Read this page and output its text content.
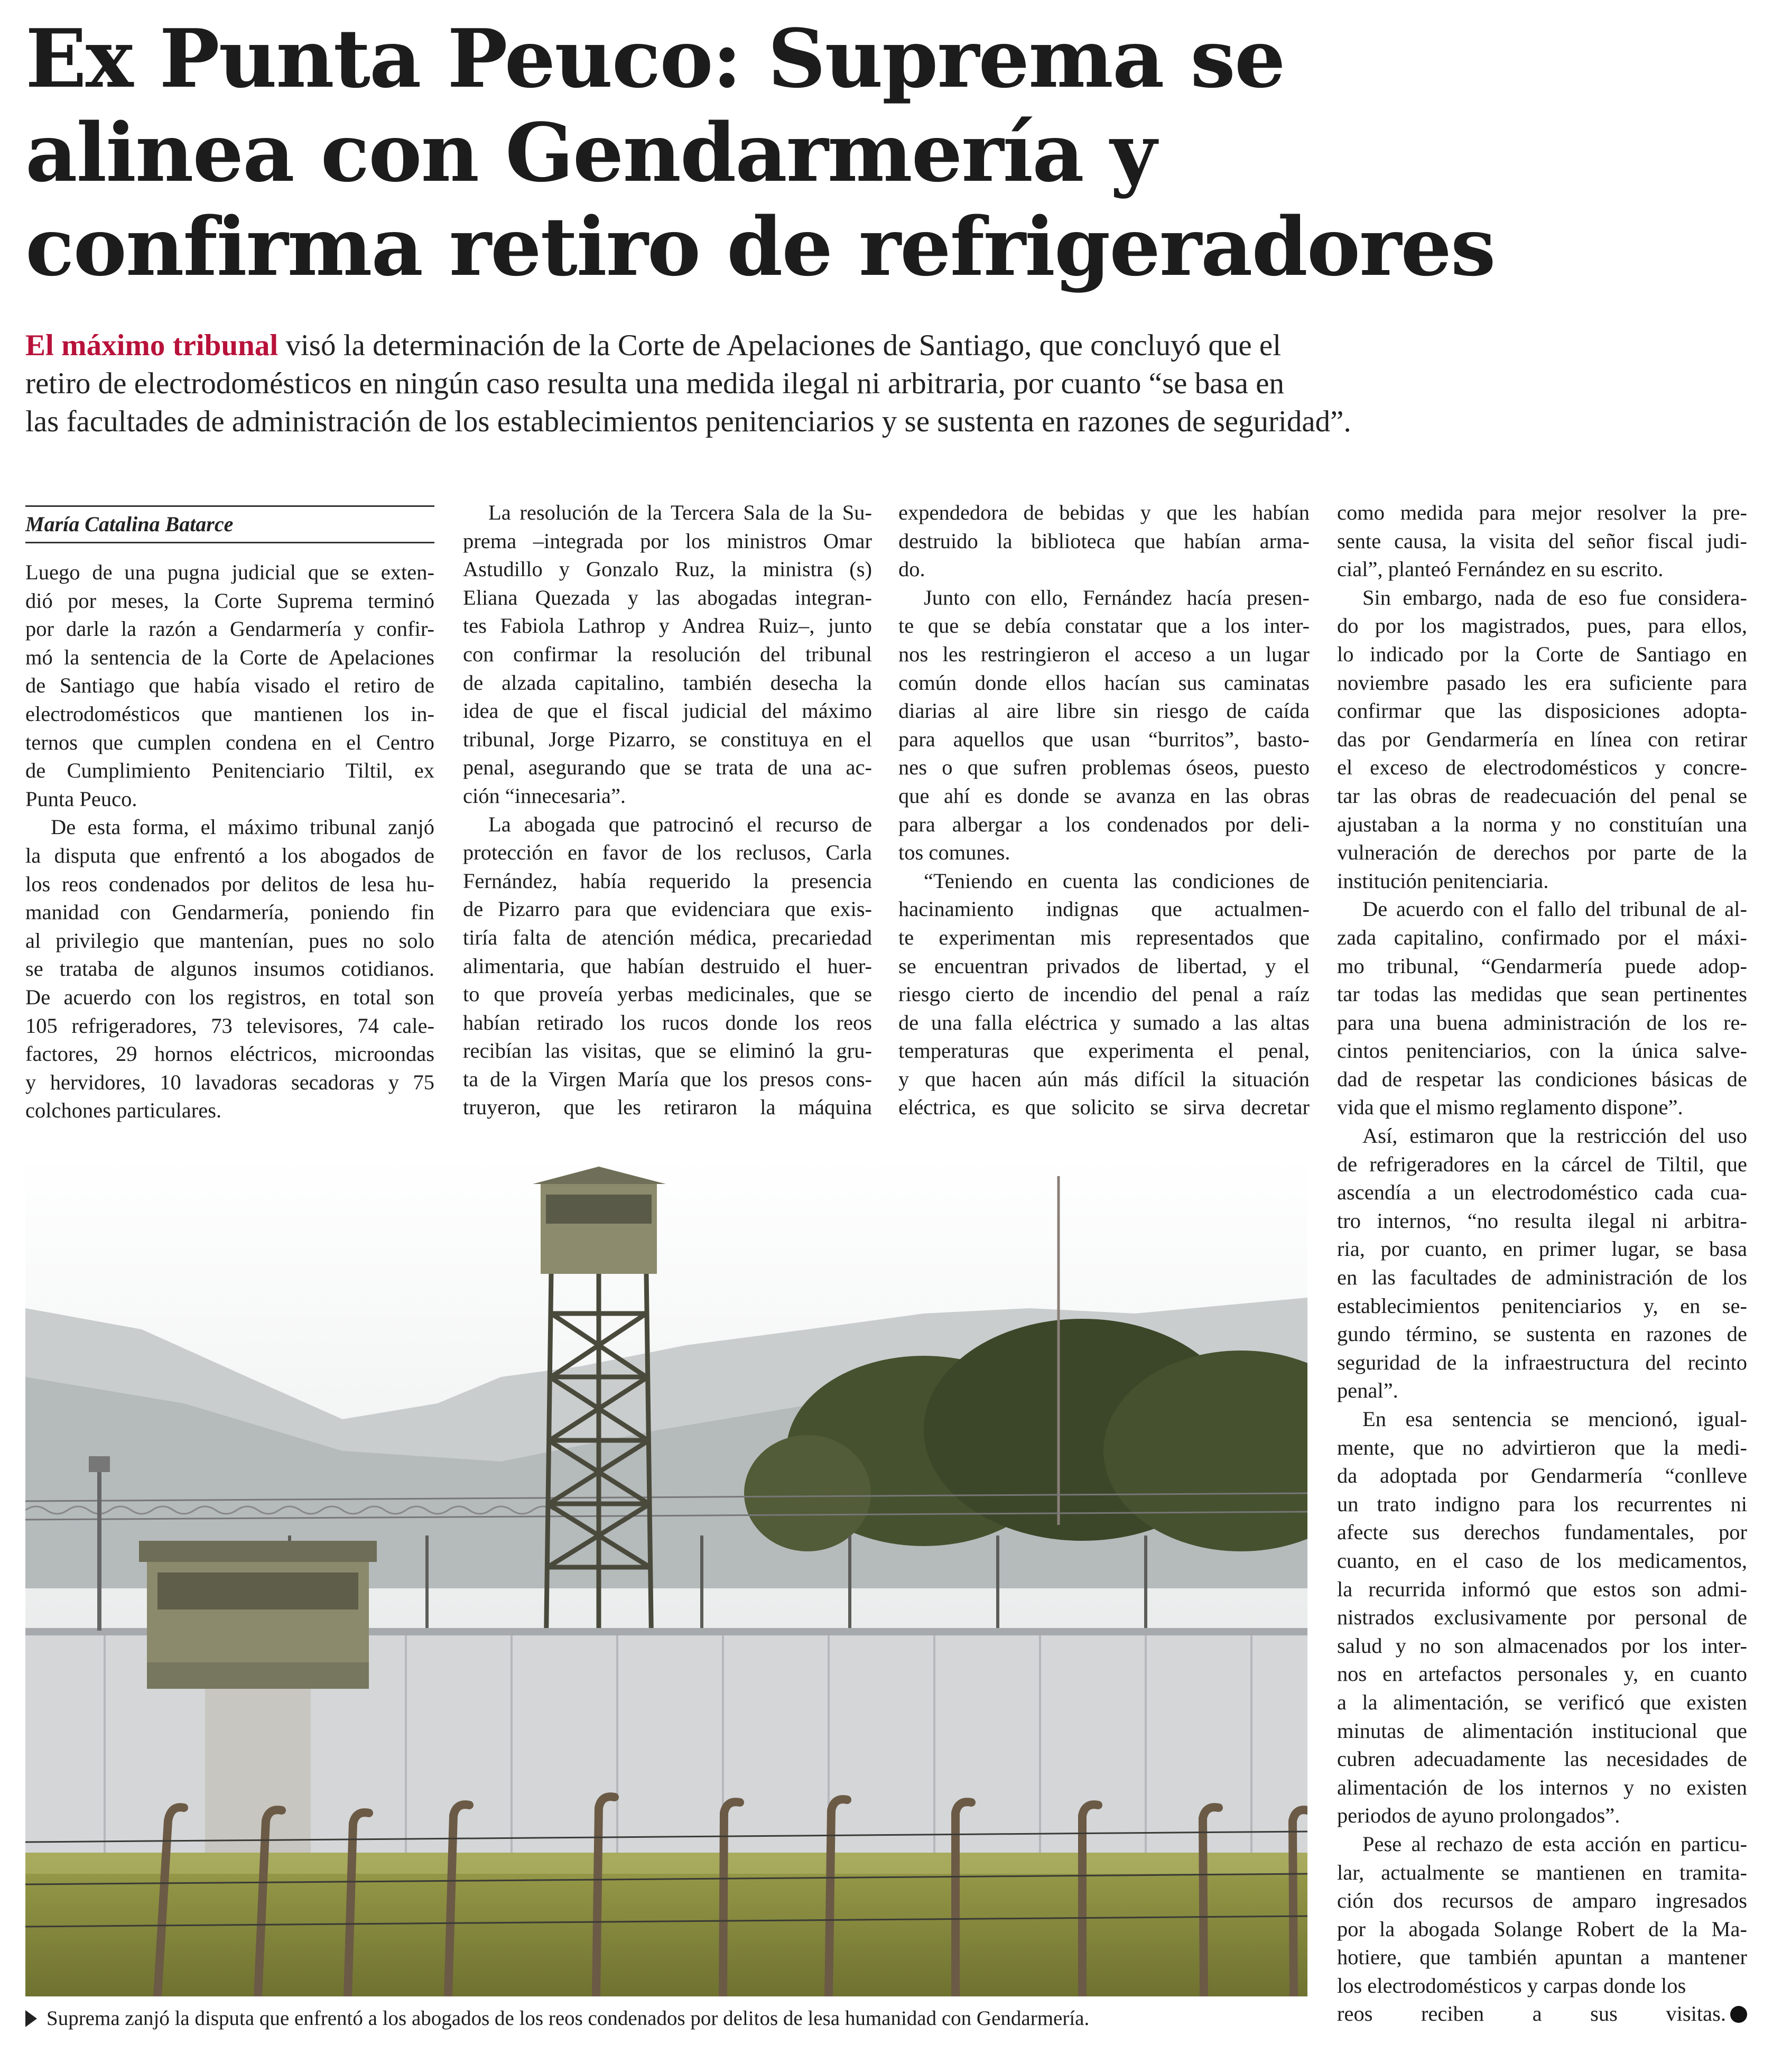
Ex Punta Peuco: Suprema se
alinea con Gendarmería y
confirma retiro de refrigeradores
El máximo tribunal visó la determinación de la Corte de Apelaciones de Santiago, que concluyó que el
retiro de electrodomésticos en ningún caso resulta una medida ilegal ni arbitraria, por cuanto “se basa en
las facultades de administración de los establecimientos penitenciarios y se sustenta en razones de seguridad”.
María Catalina Batarce
Luego de una pugna judicial que se exten-
dió por meses, la Corte Suprema terminó
por darle la razón a Gendarmería y confir-
mó la sentencia de la Corte de Apelaciones
de Santiago que había visado el retiro de
electrodomésticos que mantienen los in-
ternos que cumplen condena en el Centro
de Cumplimiento Penitenciario Tiltil, ex
Punta Peuco.
De esta forma, el máximo tribunal zanjó
la disputa que enfrentó a los abogados de
los reos condenados por delitos de lesa hu-
manidad con Gendarmería, poniendo fin
al privilegio que mantenían, pues no solo
se trataba de algunos insumos cotidianos.
De acuerdo con los registros, en total son
105 refrigeradores, 73 televisores, 74 cale-
factores, 29 hornos eléctricos, microondas
y hervidores, 10 lavadoras secadoras y 75
colchones particulares.
La resolución de la Tercera Sala de la Su-
prema –integrada por los ministros Omar
Astudillo y Gonzalo Ruz, la ministra (s)
Eliana Quezada y las abogadas integran-
tes Fabiola Lathrop y Andrea Ruiz–, junto
con confirmar la resolución del tribunal
de alzada capitalino, también desecha la
idea de que el fiscal judicial del máximo
tribunal, Jorge Pizarro, se constituya en el
penal, asegurando que se trata de una ac-
ción “innecesaria”.
La abogada que patrocinó el recurso de
protección en favor de los reclusos, Carla
Fernández, había requerido la presencia
de Pizarro para que evidenciara que exis-
tiría falta de atención médica, precariedad
alimentaria, que habían destruido el huer-
to que proveía yerbas medicinales, que se
habían retirado los rucos donde los reos
recibían las visitas, que se eliminó la gru-
ta de la Virgen María que los presos cons-
truyeron, que les retiraron la máquina
expendedora de bebidas y que les habían
destruido la biblioteca que habían arma-
do.
Junto con ello, Fernández hacía presen-
te que se debía constatar que a los inter-
nos les restringieron el acceso a un lugar
común donde ellos hacían sus caminatas
diarias al aire libre sin riesgo de caída
para aquellos que usan “burritos”, basto-
nes o que sufren problemas óseos, puesto
que ahí es donde se avanza en las obras
para albergar a los condenados por deli-
tos comunes.
“Teniendo en cuenta las condiciones de
hacinamiento indignas que actualmen-
te experimentan mis representados que
se encuentran privados de libertad, y el
riesgo cierto de incendio del penal a raíz
de una falla eléctrica y sumado a las altas
temperaturas que experimenta el penal,
y que hacen aún más difícil la situación
eléctrica, es que solicito se sirva decretar
como medida para mejor resolver la pre-
sente causa, la visita del señor fiscal judi-
cial”, planteó Fernández en su escrito.
Sin embargo, nada de eso fue considera-
do por los magistrados, pues, para ellos,
lo indicado por la Corte de Santiago en
noviembre pasado les era suficiente para
confirmar que las disposiciones adopta-
das por Gendarmería en línea con retirar
el exceso de electrodomésticos y concre-
tar las obras de readecuación del penal se
ajustaban a la norma y no constituían una
vulneración de derechos por parte de la
institución penitenciaria.
De acuerdo con el fallo del tribunal de al-
zada capitalino, confirmado por el máxi-
mo tribunal, “Gendarmería puede adop-
tar todas las medidas que sean pertinentes
para una buena administración de los re-
cintos penitenciarios, con la única salve-
dad de respetar las condiciones básicas de
vida que el mismo reglamento dispone”.
Así, estimaron que la restricción del uso
de refrigeradores en la cárcel de Tiltil, que
ascendía a un electrodoméstico cada cua-
tro internos, “no resulta ilegal ni arbitra-
ria, por cuanto, en primer lugar, se basa
en las facultades de administración de los
establecimientos penitenciarios y, en se-
gundo término, se sustenta en razones de
seguridad de la infraestructura del recinto
penal”.
En esa sentencia se mencionó, igual-
mente, que no advirtieron que la medi-
da adoptada por Gendarmería “conlleve
un trato indigno para los recurrentes ni
afecte sus derechos fundamentales, por
cuanto, en el caso de los medicamentos,
la recurrida informó que estos son admi-
nistrados exclusivamente por personal de
salud y no son almacenados por los inter-
nos en artefactos personales y, en cuanto
a la alimentación, se verificó que existen
minutas de alimentación institucional que
cubren adecuadamente las necesidades de
alimentación de los internos y no existen
periodos de ayuno prolongados”.
Pese al rechazo de esta acción en particu-
lar, actualmente se mantienen en tramita-
ción dos recursos de amparo ingresados
por la abogada Solange Robert de la Ma-
hotiere, que también apuntan a mantener
los electrodomésticos y carpas donde los
reos reciben a sus visitas.
Suprema zanjó la disputa que enfrentó a los abogados de los reos condenados por delitos de lesa humanidad con Gendarmería.
